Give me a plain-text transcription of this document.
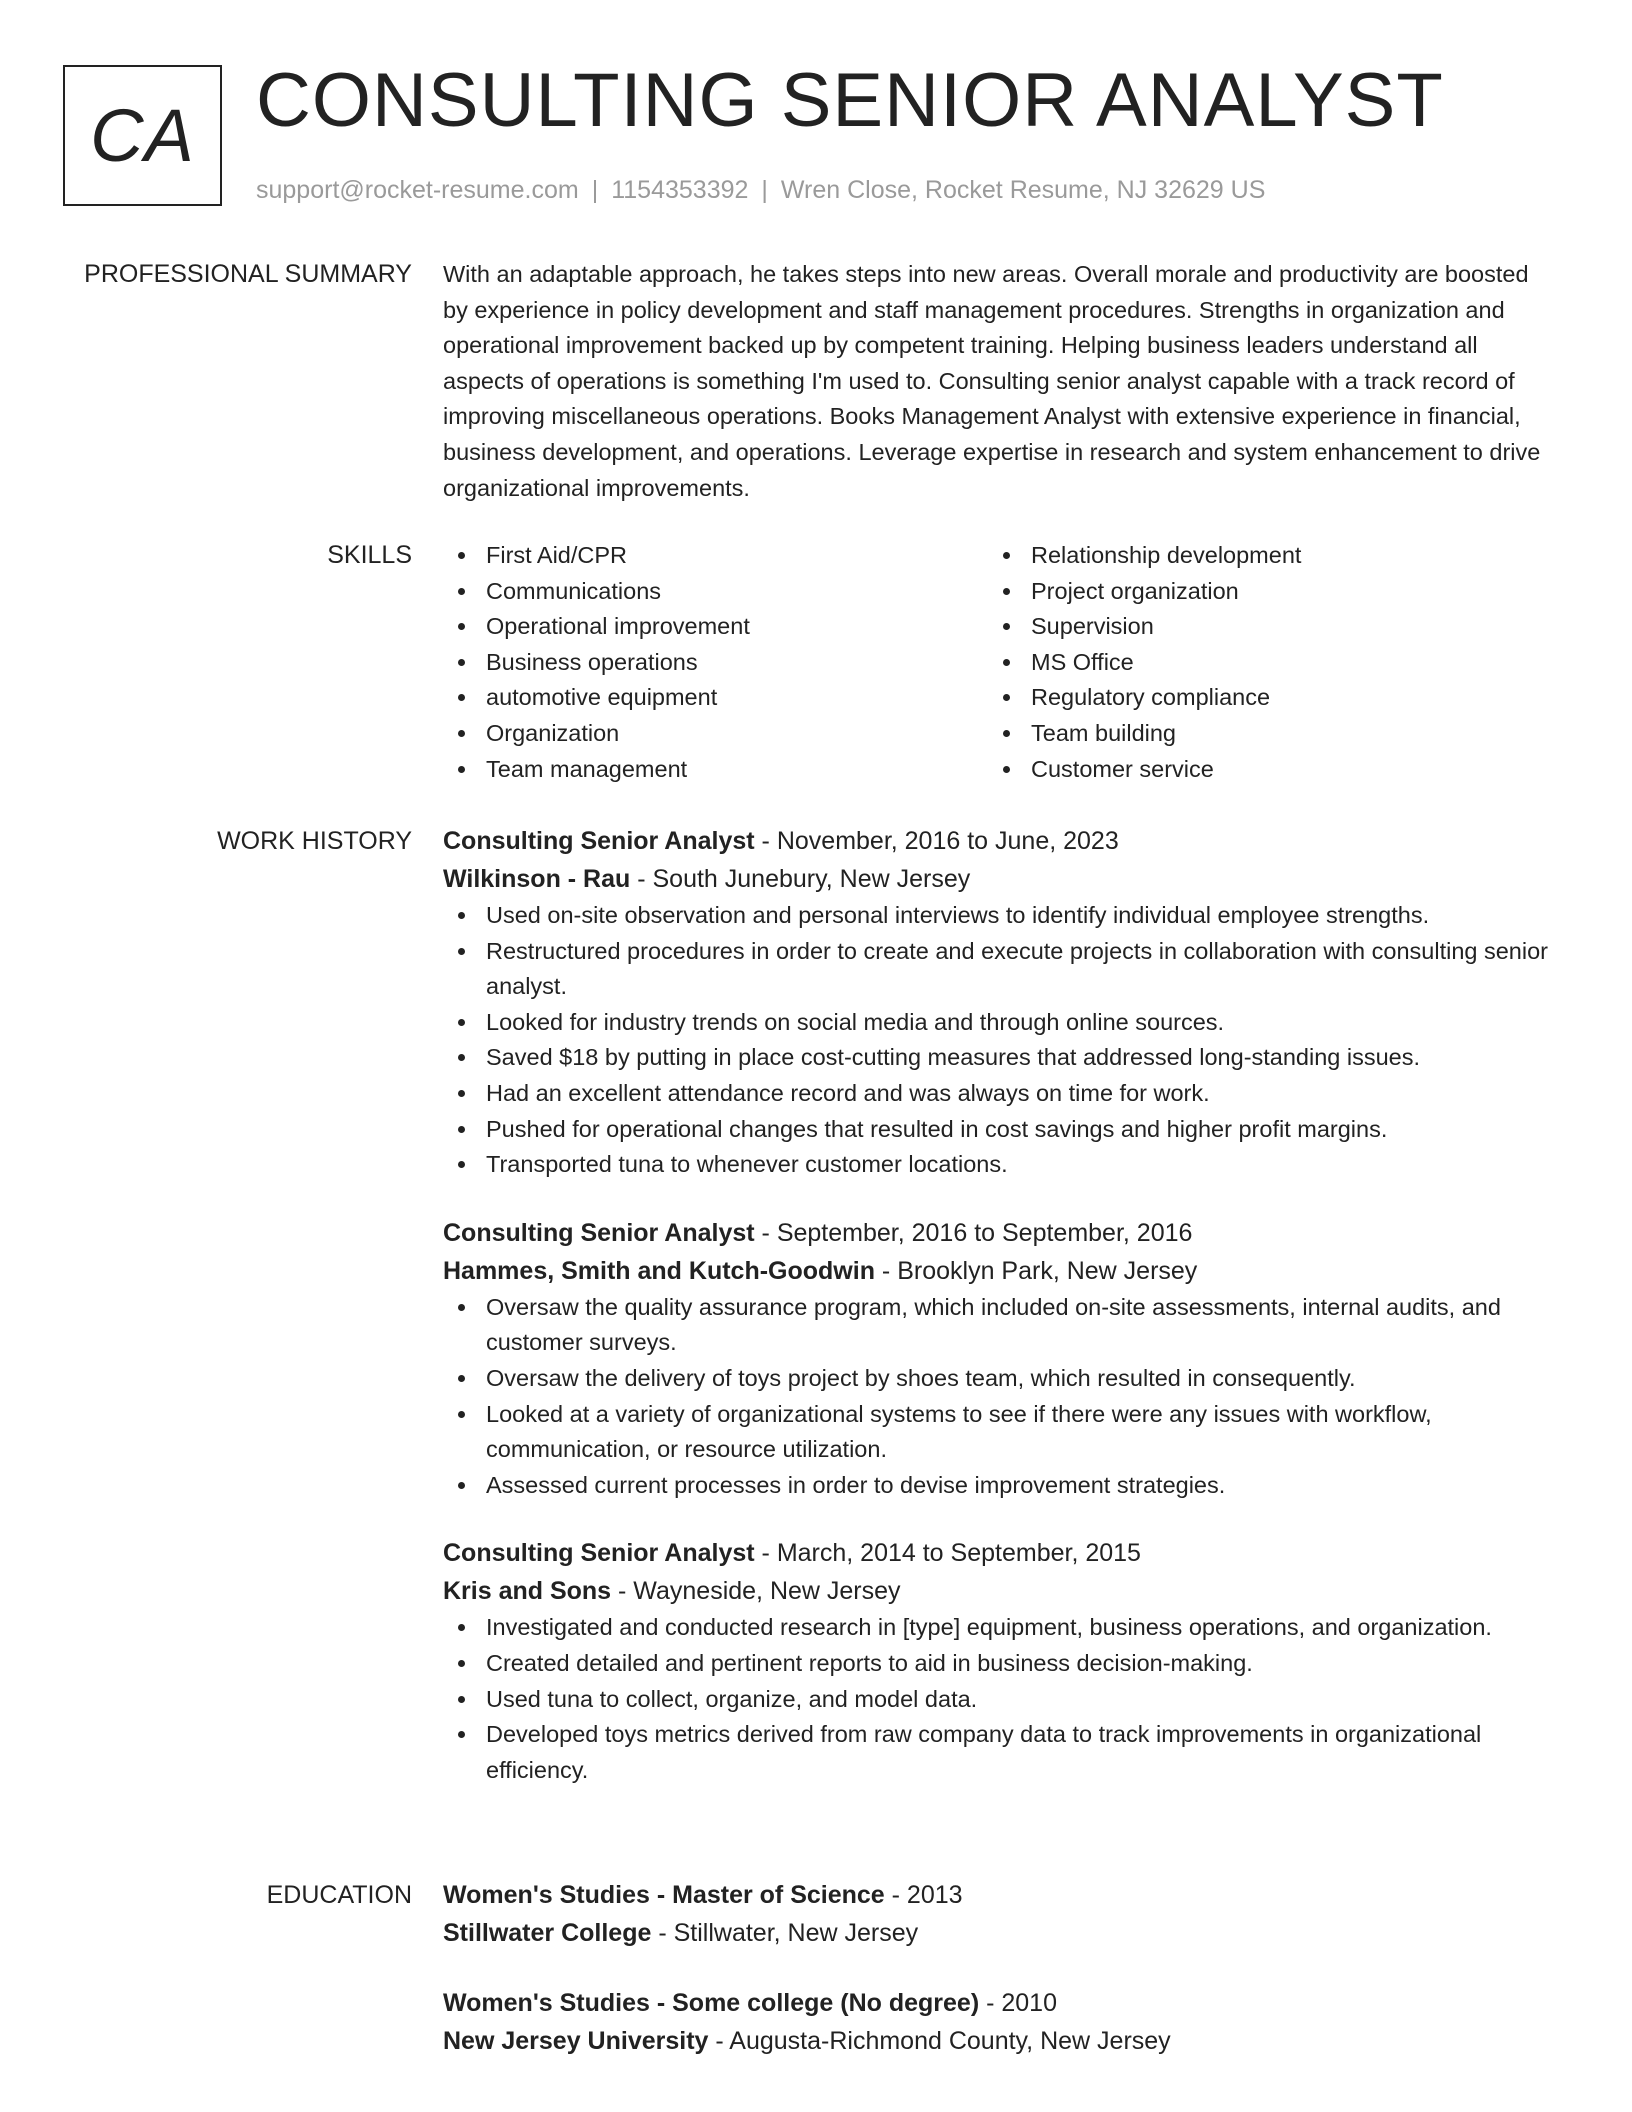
CA CONSULTING SENIOR ANALYST
support@rocket-resume.com | 1154353392 | Wren Close, Rocket Resume, NJ 32629 US
PROFESSIONAL SUMMARY With an adaptable approach, he takes steps into new areas. Overall morale and productivity are boosted by experience in policy development and staff management procedures. Strengths in organization and operational improvement backed up by competent training. Helping business leaders understand all aspects of operations is something I'm used to. Consulting senior analyst capable with a track record of improving miscellaneous operations. Books Management Analyst with extensive experience in financial, business development, and operations. Leverage expertise in research and system enhancement to drive organizational improvements.

SKILLS	First Aid/CPR
Communications
Operational improvement
Business operations
automotive equipment
Organization
Team management
Relationship development
Project organization
Supervision
MS Office
Regulatory compliance
Team building
Customer service
WORK HISTORY Consulting Senior Analyst - November, 2016 to June, 2023
Wilkinson - Rau - South Junebury, New Jersey
Used on-site observation and personal interviews to identify individual employee strengths.
Restructured procedures in order to create and execute projects in collaboration with consulting senior analyst.
Looked for industry trends on social media and through online sources.
Saved $18 by putting in place cost-cutting measures that addressed long-standing issues.
Had an excellent attendance record and was always on time for work.
Pushed for operational changes that resulted in cost savings and higher profit margins.
Transported tuna to whenever customer locations.
Consulting Senior Analyst - September, 2016 to September, 2016
Hammes, Smith and Kutch-Goodwin - Brooklyn Park, New Jersey
Oversaw the quality assurance program, which included on-site assessments, internal audits, and customer surveys.
Oversaw the delivery of toys project by shoes team, which resulted in consequently.
Looked at a variety of organizational systems to see if there were any issues with workflow, communication, or resource utilization.
Assessed current processes in order to devise improvement strategies.
Consulting Senior Analyst - March, 2014 to September, 2015
Kris and Sons - Wayneside, New Jersey
Investigated and conducted research in [type] equipment, business operations, and organization.
Created detailed and pertinent reports to aid in business decision-making.
Used tuna to collect, organize, and model data.
Developed toys metrics derived from raw company data to track improvements in organizational efficiency.
EDUCATION Women's Studies - Master of Science - 2013
Stillwater College - Stillwater, New Jersey
Women's Studies - Some college (No degree) - 2010
New Jersey University - Augusta-Richmond County, New Jersey
